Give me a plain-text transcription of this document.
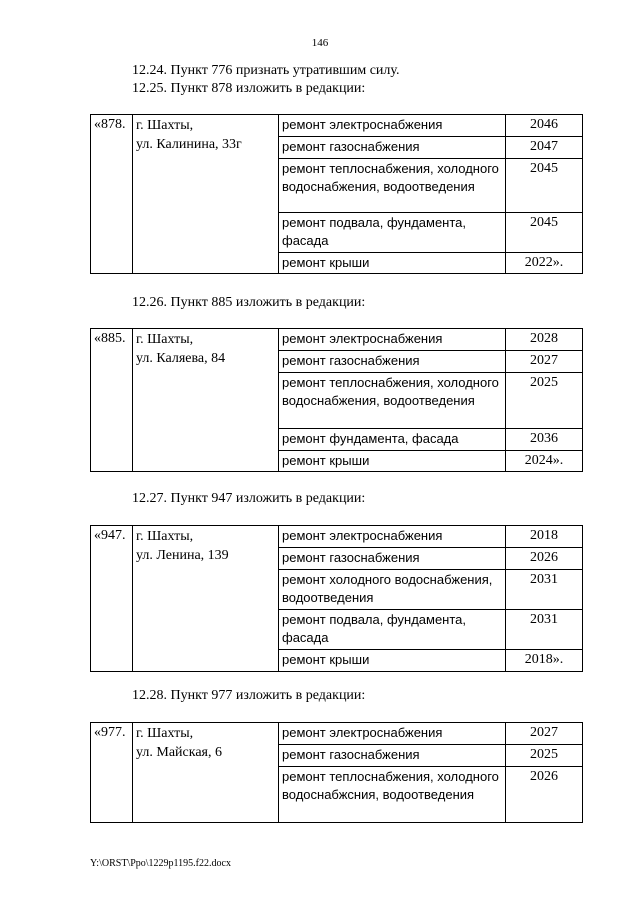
146
12.24. Пункт 776 признать утратившим силу.
12.25. Пункт 878 изложить в редакции:
«878.	г. Шахты,
ул. Калинина, 33г	ремонт электроснабжения	2046
		ремонт газоснабжения	2047
		ремонт теплоснабжения, холодного водоснабжения, водоотведения	2045
		ремонт подвала, фундамента, фасада	2045
		ремонт крыши	2022».
12.26. Пункт 885 изложить в редакции:
«885.	г. Шахты,
ул. Каляева, 84	ремонт электроснабжения	2028
		ремонт газоснабжения	2027
		ремонт теплоснабжения, холодного водоснабжения, водоотведения	2025
		ремонт фундамента, фасада	2036
		ремонт крыши	2024».
12.27. Пункт 947 изложить в редакции:
«947.	г. Шахты,
ул. Ленина, 139	ремонт электроснабжения	2018
		ремонт газоснабжения	2026
		ремонт холодного водоснабжения, водоотведения	2031
		ремонт подвала, фундамента, фасада	2031
		ремонт крыши	2018».
12.28. Пункт 977 изложить в редакции:
«977.	г. Шахты,
ул. Майская, 6	ремонт электроснабжения	2027
		ремонт газоснабжения	2025
		ремонт теплоснабжения, холодного водоснабжсния, водоотведения	2026
Y:\ORST\Ppo\1229p1195.f22.docx
